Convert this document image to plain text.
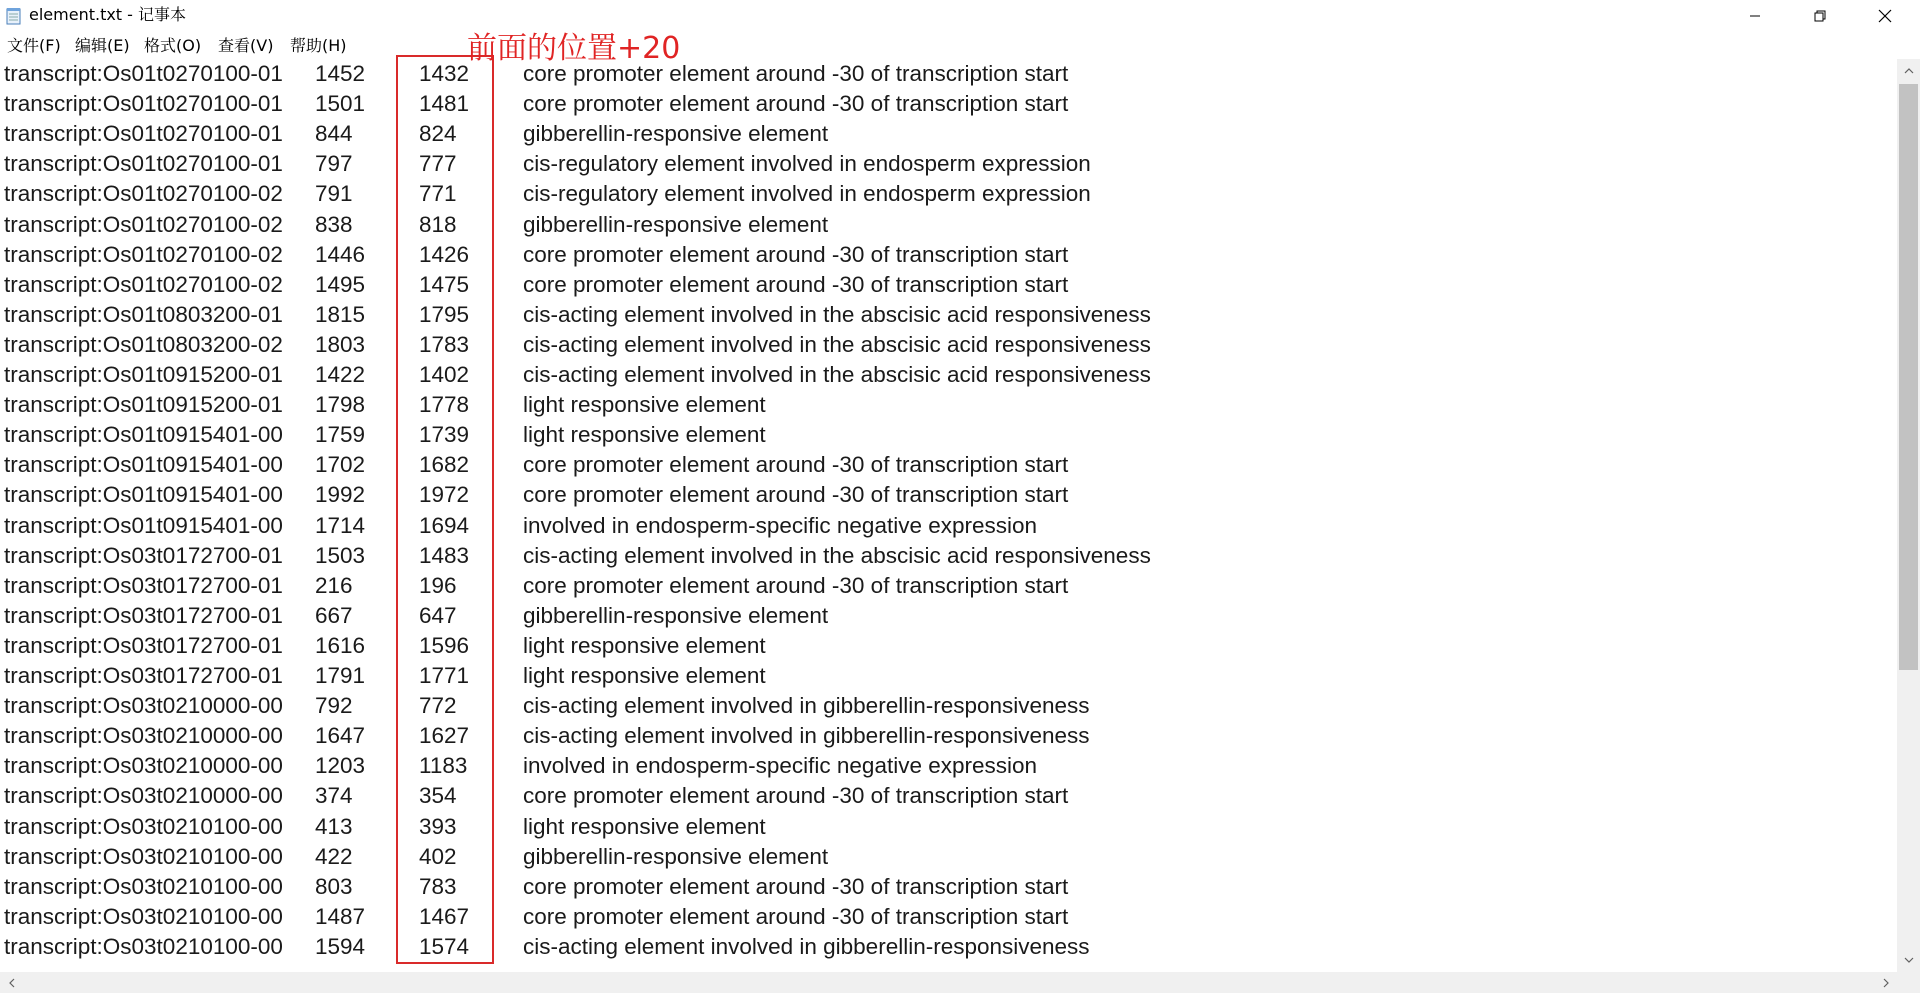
element.txt - 记事本
文件(F) 编辑(E) 格式(O) 查看(V) 帮助(H)
transcript:Os01t0270100-01 1452 1432 core promoter element around -30 of transcription start
transcript:Os01t0270100-01 1501 1481 core promoter element around -30 of transcription start
transcript:Os01t0270100-01 844	824	gibberellin-responsive element
transcript:Os01t0270100-01 797	777	cis-regulatory element involved in endosperm expression
transcript:Os01t0270100-02 791	771	cis-regulatory element involved in endosperm expression
transcript:Os01t0270100-02 838	818	gibberellin-responsive element
transcript:Os01t0270100-02 1446 1426 core promoter element around -30 of transcription start
transcript:Os01t0270100-02 1495 1475 core promoter element around -30 of transcription start
transcript:Os01t0803200-01 1815 1795 cis-acting element involved in the abscisic acid responsiveness
transcript:Os01t0803200-02 1803 1783 cis-acting element involved in the abscisic acid responsiveness
transcript:Os01t0915200-01 1422 1402 cis-acting element involved in the abscisic acid responsiveness
transcript:Os01t0915200-01 1798 1778 light responsive element
transcript:Os01t0915401-00 1759 1739 light responsive element
transcript:Os01t0915401-00 1702 1682 core promoter element around -30 of transcription start
transcript:Os01t0915401-00 1992 1972 core promoter element around -30 of transcription start
transcript:Os01t0915401-00 1714 1694 involved in endosperm-specific negative expression
transcript:Os03t0172700-01 1503 1483 cis-acting element involved in the abscisic acid responsiveness
transcript:Os03t0172700-01 216	196	core promoter element around -30 of transcription start
transcript:Os03t0172700-01 667	647	gibberellin-responsive element
transcript:Os03t0172700-01 1616 1596 light responsive element
transcript:Os03t0172700-01 1791 1771 light responsive element
transcript:Os03t0210000-00 792	772	cis-acting element involved in gibberellin-responsiveness
transcript:Os03t0210000-00 1647 1627 cis-acting element involved in gibberellin-responsiveness
transcript:Os03t0210000-00 1203 1183 involved in endosperm-specific negative expression
transcript:Os03t0210000-00 374	354	core promoter element around -30 of transcription start
transcript:Os03t0210100-00 413	393	light responsive element
transcript:Os03t0210100-00 422	402	gibberellin-responsive element
transcript:Os03t0210100-00 803	783	core promoter element around -30 of transcription start
transcript:Os03t0210100-00 1487 1467 core promoter element around -30 of transcription start
transcript:Os03t0210100-00 1594 1574 cis-acting element involved in gibberellin-responsiveness
前面的位置+20
